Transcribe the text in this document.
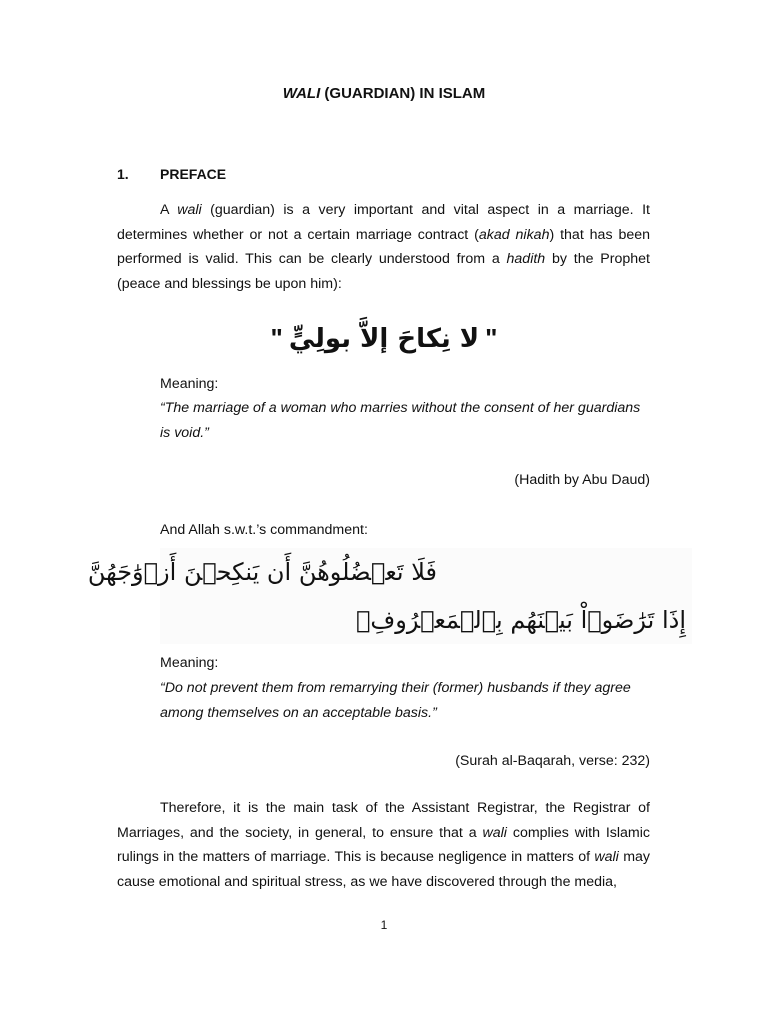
WALI (GUARDIAN) IN ISLAM
1. PREFACE

A wali (guardian) is a very important and vital aspect in a marriage. It determines whether or not a certain marriage contract (akad nikah) that has been performed is valid. This can be clearly understood from a hadith by the Prophet (peace and blessings be upon him):

" لا نِكاحَ إلاَّ بولِيٍّ "
Meaning:
“The marriage of a woman who marries without the consent of her guardians is void.”
(Hadith by Abu Daud)
And Allah s.w.t.’s commandment:
فَلَا تَعۡضُلُوهُنَّ أَن يَنكِحۡنَ أَزۡوَٰجَهُنَّ
إِذَا تَرَٰضَوۡاْ بَيۡنَهُم بِٱلۡمَعۡرُوفِۗ
Meaning:
“Do not prevent them from remarrying their (former) husbands if they agree among themselves on an acceptable basis.”
(Surah al-Baqarah, verse: 232)

Therefore, it is the main task of the Assistant Registrar, the Registrar of Marriages, and the society, in general, to ensure that a wali complies with Islamic rulings in the matters of marriage. This is because negligence in matters of wali may cause emotional and spiritual stress, as we have discovered through the media,

1
